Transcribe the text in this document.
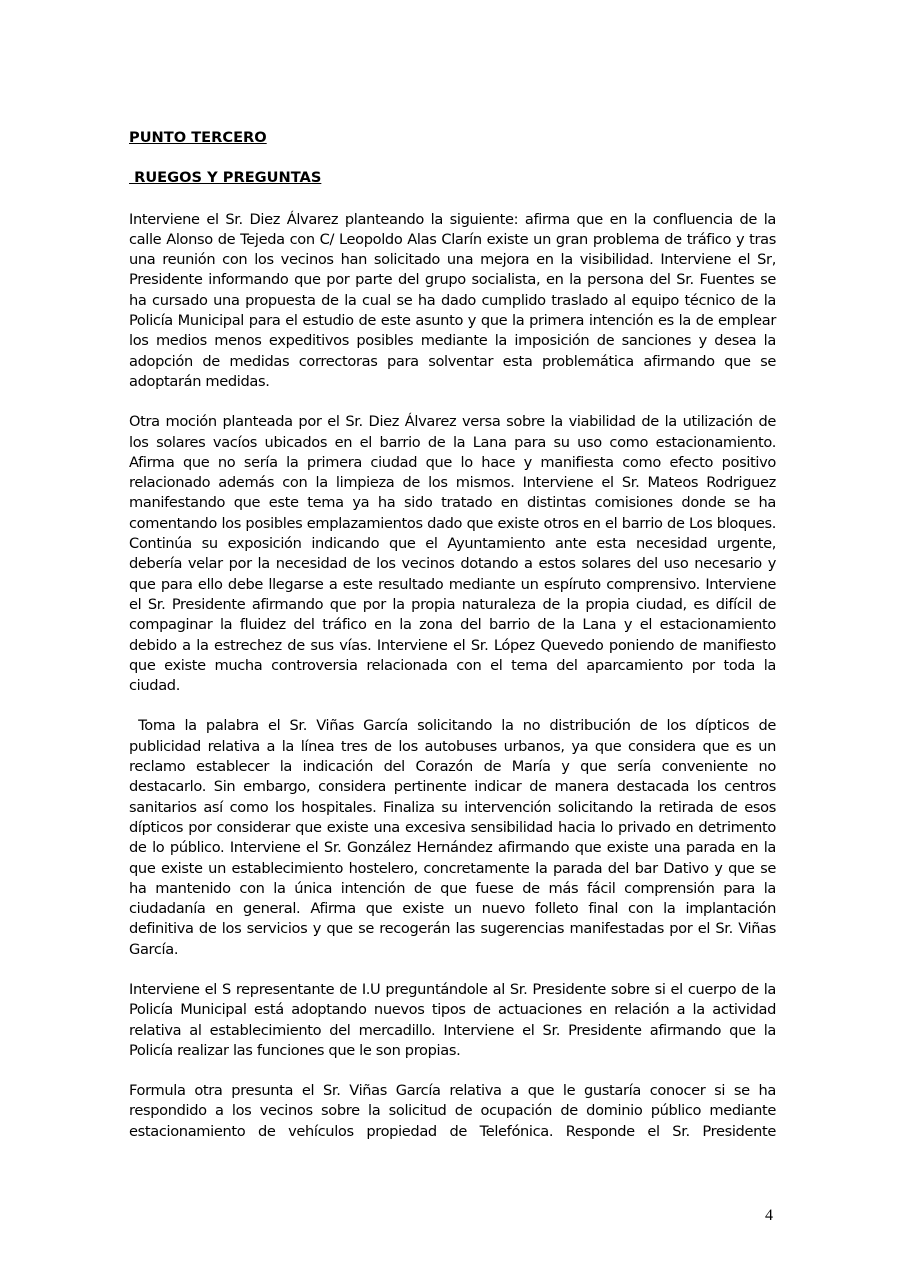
PUNTO TERCERO

RUEGOS Y PREGUNTAS

Interviene el Sr. Diez Álvarez planteando la siguiente: afirma que en la confluencia de la calle Alonso de Tejeda con C/ Leopoldo Alas Clarín existe un gran problema de tráfico y tras una reunión con los vecinos han solicitado una mejora en la visibilidad. Interviene el Sr, Presidente informando que por parte del grupo socialista, en la persona del Sr. Fuentes se ha cursado una propuesta de la cual se ha dado cumplido traslado al equipo técnico de la Policía Municipal para el estudio de este asunto y que la primera intención es la de emplear los medios menos expeditivos posibles mediante la imposición de sanciones y desea la adopción de medidas correctoras para solventar esta problemática afirmando que se adoptarán medidas.

Otra moción planteada por el Sr. Diez Álvarez versa sobre la viabilidad de la utilización de los solares vacíos ubicados en el barrio de la Lana para su uso como estacionamiento. Afirma que no sería la primera ciudad que lo hace y manifiesta como efecto positivo relacionado además con la limpieza de los mismos. Interviene el Sr. Mateos Rodriguez manifestando que este tema ya ha sido tratado en distintas comisiones donde se ha comentando los posibles emplazamientos dado que existe otros en el barrio de Los bloques. Continúa su exposición indicando que el Ayuntamiento ante esta necesidad urgente, debería velar por la necesidad de los vecinos dotando a estos solares del uso necesario y que para ello debe llegarse a este resultado mediante un espíruto comprensivo. Interviene el Sr. Presidente afirmando que por la propia naturaleza de la propia ciudad, es difícil de compaginar la fluidez del tráfico en la zona del barrio de la Lana y el estacionamiento debido a la estrechez de sus vías. Interviene el Sr. López Quevedo poniendo de manifiesto que existe mucha controversia relacionada con el tema del aparcamiento por toda la ciudad.

Toma la palabra el Sr. Viñas García solicitando la no distribución de los dípticos de publicidad relativa a la línea tres de los autobuses urbanos, ya que considera que es un reclamo establecer la indicación del Corazón de María y que sería conveniente no destacarlo. Sin embargo, considera pertinente indicar de manera destacada los centros sanitarios así como los hospitales. Finaliza su intervención solicitando la retirada de esos dípticos por considerar que existe una excesiva sensibilidad hacia lo privado en detrimento de lo público. Interviene el Sr. González Hernández afirmando que existe una parada en la que existe un establecimiento hostelero, concretamente la parada del bar Dativo y que se ha mantenido con la única intención de que fuese de más fácil comprensión para la ciudadanía en general. Afirma que existe un nuevo folleto final con la implantación definitiva de los servicios y que se recogerán las sugerencias manifestadas por el Sr. Viñas García.

Interviene el S representante de I.U preguntándole al Sr. Presidente sobre si el cuerpo de la Policía Municipal está adoptando nuevos tipos de actuaciones en relación a la actividad relativa al establecimiento del mercadillo. Interviene el Sr. Presidente afirmando que la Policía realizar las funciones que le son propias.

Formula otra presunta el Sr. Viñas García relativa a que le gustaría conocer si se ha respondido a los vecinos sobre la solicitud de ocupación de dominio público mediante estacionamiento de vehículos propiedad de Telefónica. Responde el Sr. Presidente

4
